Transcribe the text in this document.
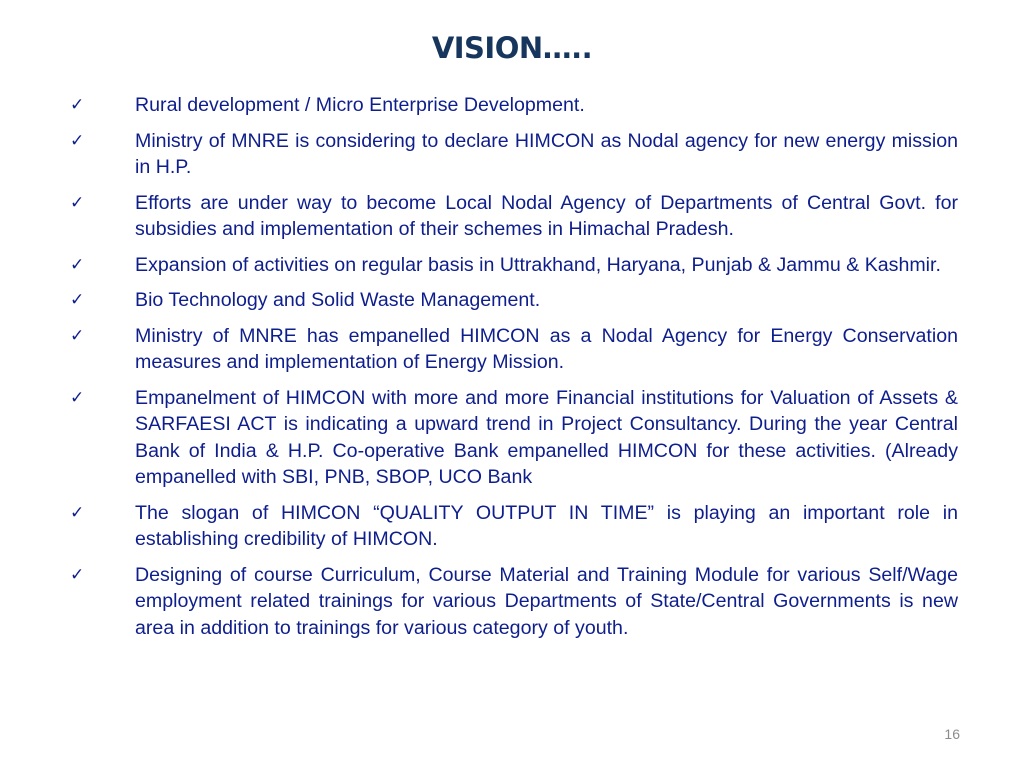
VISION…..
✓	Rural development / Micro Enterprise Development.
✓	Ministry of MNRE is considering to declare HIMCON as Nodal agency for new energy mission in H.P.
✓	Efforts are under way to become Local Nodal Agency of Departments of Central Govt. for subsidies and implementation of their schemes in Himachal Pradesh.
✓	Expansion of activities on regular basis in Uttrakhand, Haryana, Punjab & Jammu & Kashmir.
✓	Bio Technology and Solid Waste Management.
✓	Ministry of MNRE has empanelled HIMCON as a Nodal Agency for Energy Conservation measures and implementation of Energy Mission.
✓	Empanelment of HIMCON with more and more Financial institutions for Valuation of Assets & SARFAESI ACT is indicating a upward trend in Project Consultancy. During the year Central Bank of India & H.P. Co-operative Bank empanelled HIMCON for these activities. (Already empanelled with SBI, PNB, SBOP, UCO Bank
✓	The slogan of HIMCON “QUALITY OUTPUT IN TIME” is playing an important role in establishing credibility of HIMCON.
✓	Designing of course Curriculum, Course Material and Training Module for various Self/Wage employment related trainings for various Departments of State/Central Governments is new area in addition to trainings for various category of youth.
16
